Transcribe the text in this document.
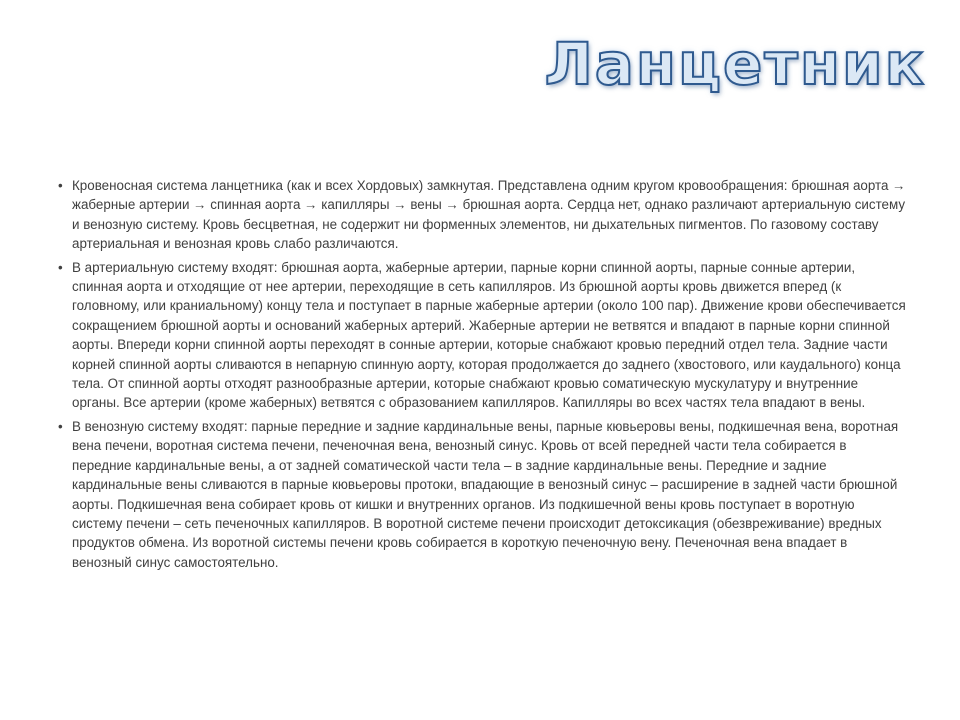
Ланцетник
• Кровеносная система ланцетника (как и всех Хордовых) замкнутая. Представлена одним кругом кровообращения: брюшная аорта → жаберные артерии → спинная аорта → капилляры → вены → брюшная аорта. Сердца нет, однако различают артериальную систему и венозную систему. Кровь бесцветная, не содержит ни форменных элементов, ни дыхательных пигментов. По газовому составу артериальная и венозная кровь слабо различаются.
• В артериальную систему входят: брюшная аорта, жаберные артерии, парные корни спинной аорты, парные сонные артерии, спинная аорта и отходящие от нее артерии, переходящие в сеть капилляров. Из брюшной аорты кровь движется вперед (к головному, или краниальному) концу тела и поступает в парные жаберные артерии (около 100 пар). Движение крови обеспечивается сокращением брюшной аорты и оснований жаберных артерий. Жаберные артерии не ветвятся и впадают в парные корни спинной аорты. Впереди корни спинной аорты переходят в сонные артерии, которые снабжают кровью передний отдел тела. Задние части корней спинной аорты сливаются в непарную спинную аорту, которая продолжается до заднего (хвостового, или каудального) конца тела. От спинной аорты отходят разнообразные артерии, которые снабжают кровью соматическую мускулатуру и внутренние органы. Все артерии (кроме жаберных) ветвятся с образованием капилляров. Капилляры во всех частях тела впадают в вены.
• В венозную систему входят: парные передние и задние кардинальные вены, парные кювьеровы вены, подкишечная вена, воротная вена печени, воротная система печени, печеночная вена, венозный синус. Кровь от всей передней части тела собирается в передние кардинальные вены, а от задней соматической части тела – в задние кардинальные вены. Передние и задние кардинальные вены сливаются в парные кювьеровы протоки, впадающие в венозный синус – расширение в задней части брюшной аорты. Подкишечная вена собирает кровь от кишки и внутренних органов. Из подкишечной вены кровь поступает в воротную систему печени – сеть печеночных капилляров. В воротной системе печени происходит детоксикация (обезвреживание) вредных продуктов обмена. Из воротной системы печени кровь собирается в короткую печеночную вену. Печеночная вена впадает в венозный синус самостоятельно.
